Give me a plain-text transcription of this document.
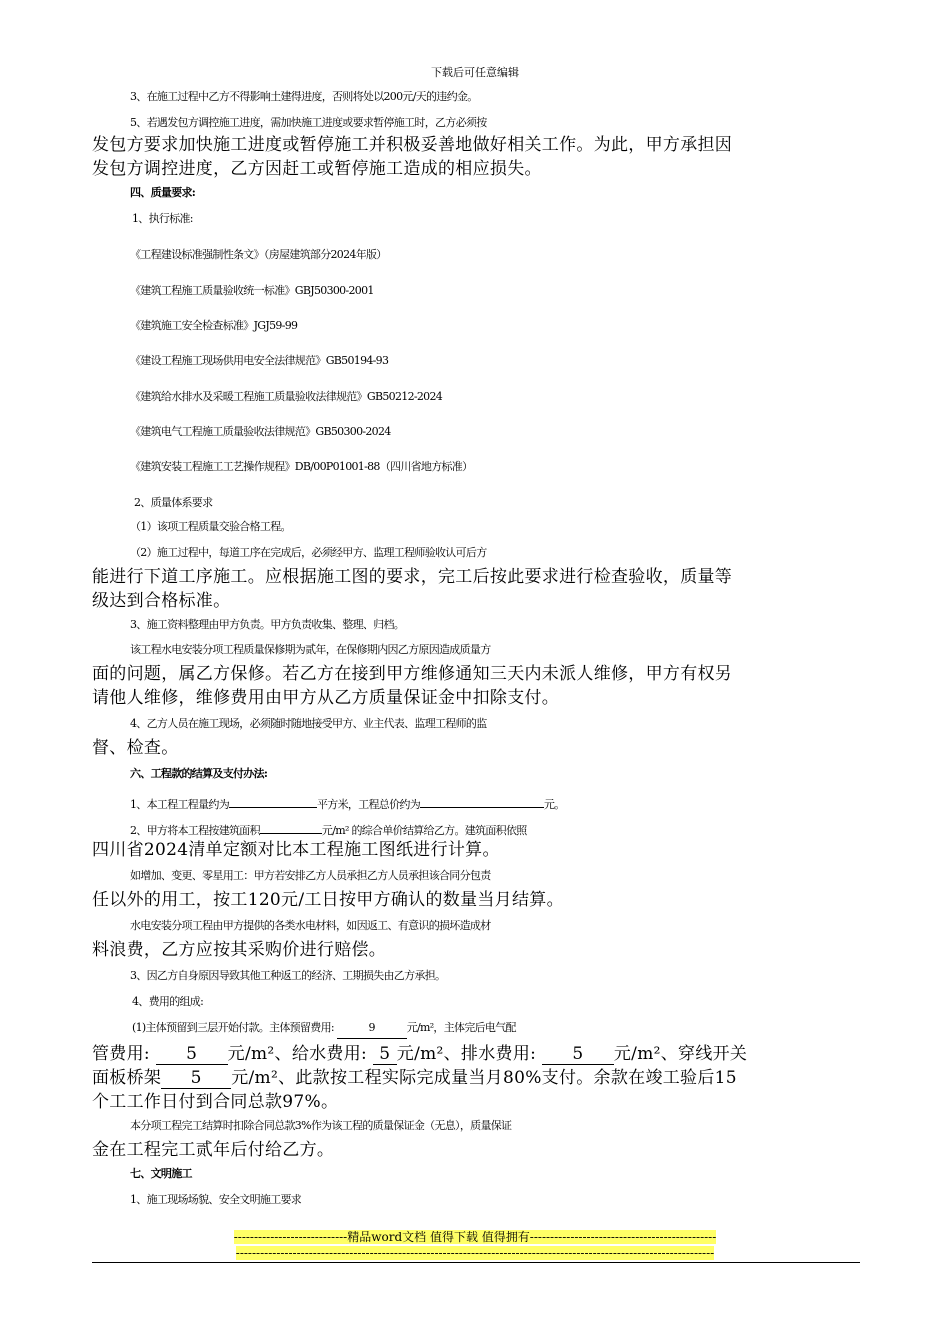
下载后可任意编辑
3、在施工过程中乙方不得影响土建得进度，否则将处以200元/天的违约金。
5、若遇发包方调控施工进度，需加快施工进度或要求暂停施工时，乙方必须按
发包方要求加快施工进度或暂停施工并积极妥善地做好相关工作。为此，甲方承担因
发包方调控进度，乙方因赶工或暂停施工造成的相应损失。
四、质量要求:
1、执行标准:
《工程建设标准强制性条文》（房屋建筑部分2024年版）
《建筑工程施工质量验收统一标准》GBJ50300-2001
《建筑施工安全检查标准》JGJ59-99
《建设工程施工现场供用电安全法律规范》GB50194-93
《建筑给水排水及采暖工程施工质量验收法律规范》GB50212-2024
《建筑电气工程施工质量验收法律规范》GB50300-2024
《建筑安装工程施工工艺操作规程》DB/00P01001-88（四川省地方标准）
2、质量体系要求
（1）该项工程质量交验合格工程。
（2）施工过程中，每道工序在完成后，必须经甲方、监理工程师验收认可后方
能进行下道工序施工。应根据施工图的要求，完工后按此要求进行检查验收，质量等
级达到合格标准。
3、施工资料整理由甲方负责。甲方负责收集、整理、归档。
该工程水电安装分项工程质量保修期为贰年，在保修期内因乙方原因造成质量方
面的问题，属乙方保修。若乙方在接到甲方维修通知三天内未派人维修，甲方有权另
请他人维修，维修费用由甲方从乙方质量保证金中扣除支付。
4、乙方人员在施工现场，必须随时随地接受甲方、业主代表、监理工程师的监
督、检查。
六、工程款的结算及支付办法:
1、本工程工程量约为	平方米，工程总价约为	元。
2、甲方将本工程按建筑面积	元/m² 的综合单价结算给乙方。建筑面积依照
四川省2024清单定额对比本工程施工图纸进行计算。
如增加、变更、零星用工：甲方若安排乙方人员承担乙方人员承担该合同分包责
任以外的用工，按工120元/工日按甲方确认的数量当月结算。
水电安装分项工程由甲方提供的各类水电材料，如因返工、有意识的损坏造成材
料浪费，乙方应按其采购价进行赔偿。
3、因乙方自身原因导致其他工种返工的经济、工期损失由乙方承担。
4、费用的组成:
(1)主体预留到三层开始付款。主体预留费用:	9	元/m²，主体完后电气配
管费用: 5 元/m²、给水费用: 5 元/m²、排水费用: 5 元/m²、穿线开关
面板桥架 5 元/m²、此款按工程实际完成量当月80%支付。余款在竣工验后15
个工工作日付到合同总款97%。
本分项工程完工结算时扣除合同总款3%作为该工程的质量保证金（无息），质量保证
金在工程完工贰年后付给乙方。
七、文明施工
1、施工现场场貌、安全文明施工要求
----------------------------精品word文档 值得下载 值得拥有----------------------------------------------
----------------------------------------------------------------------------------------------------------------------
